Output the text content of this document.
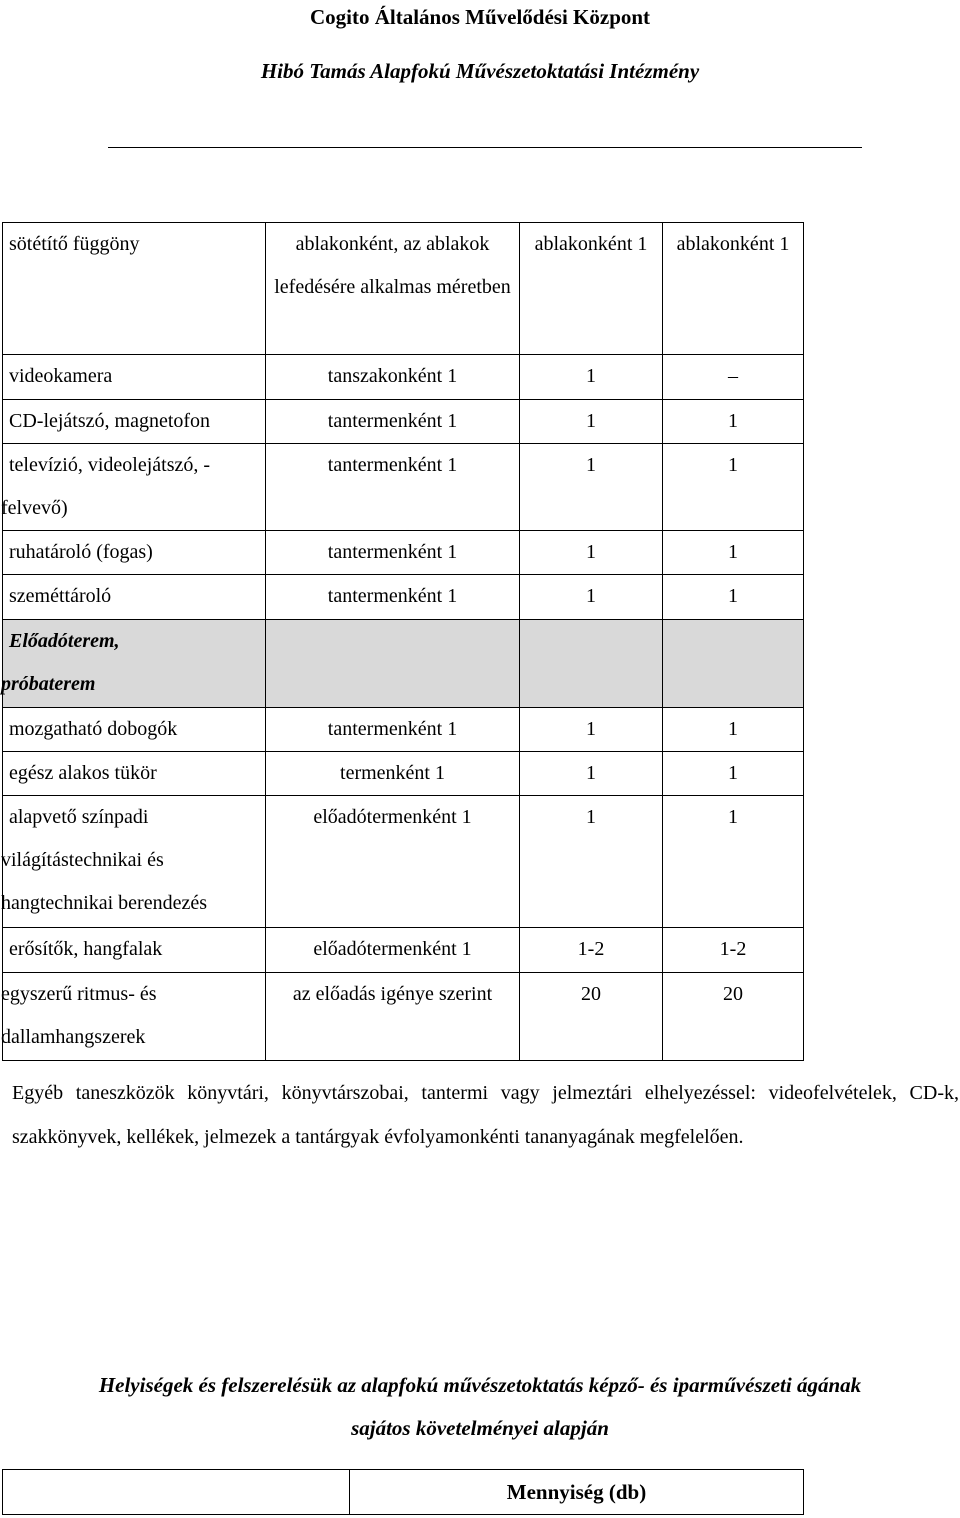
Cogito Általános Művelődési Központ
Hibó Tamás Alapfokú Művészetoktatási Intézmény
sötétítő függöny	ablakonként, az ablakok lefedésére alkalmas méretben	ablakonként 1	ablakonként 1
videokamera	tanszakonként 1	1	–
CD-lejátszó, magnetofon	tantermenként 1	1	1

televízió, videolejátszó, -
felvevő)	tantermenként 1	1	1
ruhatároló (fogas)	tantermenként 1	1	1
szeméttároló	tantermenként 1	1	1

Előadóterem,
próbaterem			

mozgatható dobogók	tantermenként 1	1	1
egész alakos tükör	termenként 1	1	1

alapvető színpadi
világítástechnikai és
hangtechnikai berendezés	előadótermenként 1	1	1
erősítők, hangfalak	előadótermenként 1	1-2	1-2

egyszerű ritmus- és
dallamhangszerek	az előadás igénye szerint	20	20
Egyéb taneszközök könyvtári, könyvtárszobai, tantermi vagy jelmeztári elhelyezéssel: videofelvételek, CD-k, szakkönyvek, kellékek, jelmezek a tantárgyak évfolyamonkénti tananyagának megfelelően.
Helyiségek és felszerelésük az alapfokú művészetoktatás képző- és iparművészeti ágának
sajátos követelményei alapján
	Mennyiség (db)
